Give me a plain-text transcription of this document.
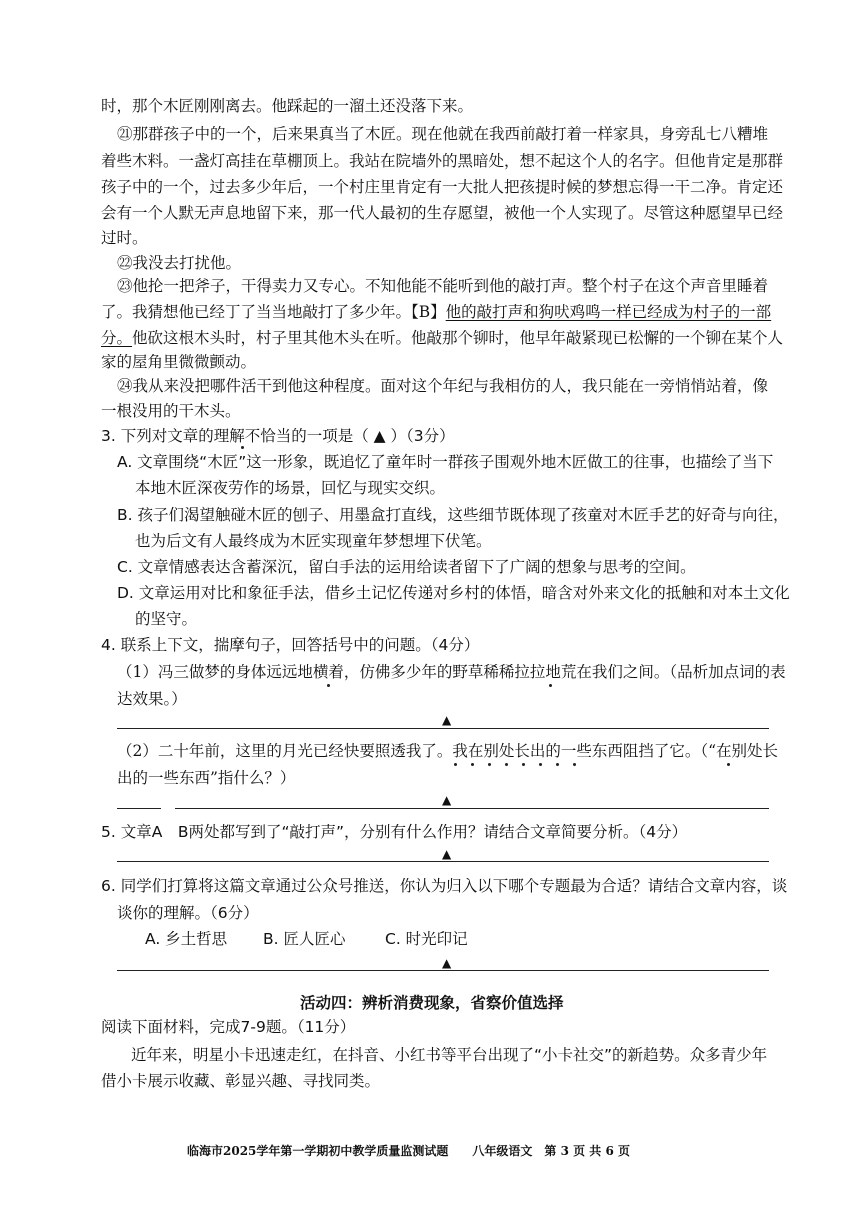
时，那个木匠刚刚离去。他踩起的一溜土还没落下来。
㉑那群孩子中的一个，后来果真当了木匠。现在他就在我西前敲打着一样家具，身旁乱七八糟堆
着些木料。一盏灯高挂在草棚顶上。我站在院墙外的黑暗处，想不起这个人的名字。但他肯定是那群
孩子中的一个，过去多少年后，一个村庄里肯定有一大批人把孩提时候的梦想忘得一干二净。肯定还
会有一个人默无声息地留下来，那一代人最初的生存愿望，被他一个人实现了。尽管这种愿望早已经
过时。
㉒我没去打扰他。
㉓他抡一把斧子，干得卖力又专心。不知他能不能听到他的敲打声。整个村子在这个声音里睡着
了。我猜想他已经丁了当当地敲打了多少年。【B】他的敲打声和狗吠鸡鸣一样已经成为村子的一部
分。他砍这根木头时，村子里其他木头在听。他敲那个铆时，他早年敲紧现已松懈的一个铆在某个人
家的屋角里微微颤动。
㉔我从来没把哪件活干到他这种程度。面对这个年纪与我相仿的人，我只能在一旁悄悄站着，像
一根没用的干木头。
3. 下列对文章的理解不恰当的一项是（ ▲ ）（3分）
A. 文章围绕“木匠”这一形象，既追忆了童年时一群孩子围观外地木匠做工的往事，也描绘了当下
本地木匠深夜劳作的场景，回忆与现实交织。
B. 孩子们渴望触碰木匠的刨子、用墨盒打直线，这些细节既体现了孩童对木匠手艺的好奇与向往，
也为后文有人最终成为木匠实现童年梦想埋下伏笔。
C. 文章情感表达含蓄深沉，留白手法的运用给读者留下了广阔的想象与思考的空间。
D. 文章运用对比和象征手法，借乡土记忆传递对乡村的体悟，暗含对外来文化的抵触和对本土文化
的坚守。
4. 联系上下文，揣摩句子，回答括号中的问题。（4分）
（1）冯三做梦的身体远远地横着，仿佛多少年的野草稀稀拉拉地荒在我们之间。（品析加点词的表
达效果。）
▲
（2）二十年前，这里的月光已经快要照透我了。我在别处长出的一些东西阻挡了它。（“在别处长
出的一些东西”指什么？）
▲
5. 文章A　B两处都写到了“敲打声”，分别有什么作用？请结合文章简要分析。（4分）
▲
6. 同学们打算将这篇文章通过公众号推送，你认为归入以下哪个专题最为合适？请结合文章内容，谈
谈你的理解。（6分）
A. 乡土哲思 B. 匠人匠心	C. 时光印记
▲
活动四：辨析消费现象，省察价值选择
阅读下面材料，完成7-9题。（11分）
近年来，明星小卡迅速走红，在抖音、小红书等平台出现了“小卡社交”的新趋势。众多青少年
借小卡展示收藏、彰显兴趣、寻找同类。
临海市2025学年第一学期初中教学质量监测试题　　八年级语文　第 3 页 共 6 页
